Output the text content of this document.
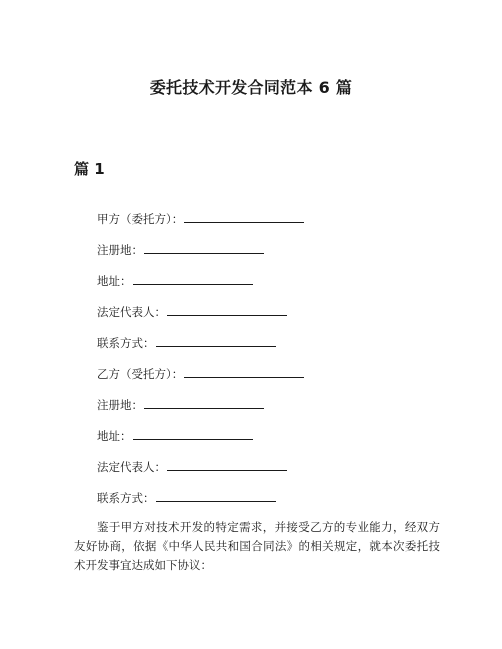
委托技术开发合同范本 6 篇
篇 1
甲方（委托方）：
注册地：
地址：
法定代表人：
联系方式：
乙方（受托方）：
注册地：
地址：
法定代表人：
联系方式：
鉴于甲方对技术开发的特定需求，并接受乙方的专业能力，经双方友好协商，依据《中华人民共和国合同法》的相关规定，就本次委托技术开发事宜达成如下协议：
